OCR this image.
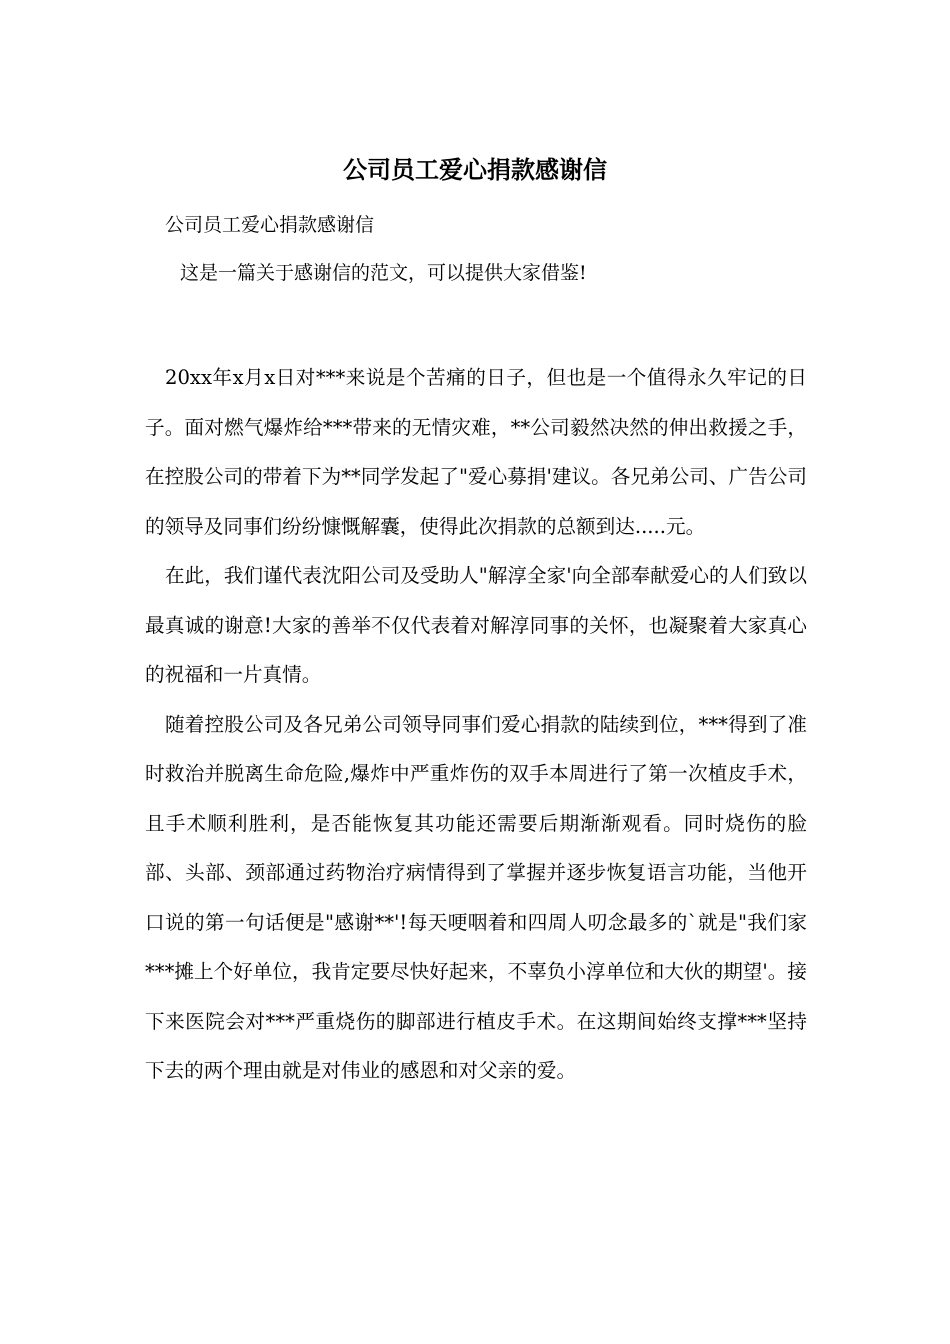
公司员工爱心捐款感谢信

公司员工爱心捐款感谢信

这是一篇关于感谢信的范文，可以提供大家借鉴!

20xx年x月x日对***来说是个苦痛的日子，但也是一个值得永久牢记的日子。面对燃气爆炸给***带来的无情灾难，**公司毅然决然的伸出救援之手，在控股公司的带着下为**同学发起了"爱心募捐'建议。各兄弟公司、广告公司的领导及同事们纷纷慷慨解囊，使得此次捐款的总额到达.....元。

在此，我们谨代表沈阳公司及受助人"解淳全家'向全部奉献爱心的人们致以最真诚的谢意!大家的善举不仅代表着对解淳同事的关怀，也凝聚着大家真心的祝福和一片真情。

随着控股公司及各兄弟公司领导同事们爱心捐款的陆续到位，***得到了准时救治并脱离生命危险,爆炸中严重炸伤的双手本周进行了第一次植皮手术，且手术顺利胜利，是否能恢复其功能还需要后期渐渐观看。同时烧伤的脸部、头部、颈部通过药物治疗病情得到了掌握并逐步恢复语言功能，当他开口说的第一句话便是"感谢**'!每天哽咽着和四周人叨念最多的`就是"我们家***摊上个好单位，我肯定要尽快好起来，不辜负小淳单位和大伙的期望'。接下来医院会对***严重烧伤的脚部进行植皮手术。在这期间始终支撑***坚持下去的两个理由就是对伟业的感恩和对父亲的爱。
